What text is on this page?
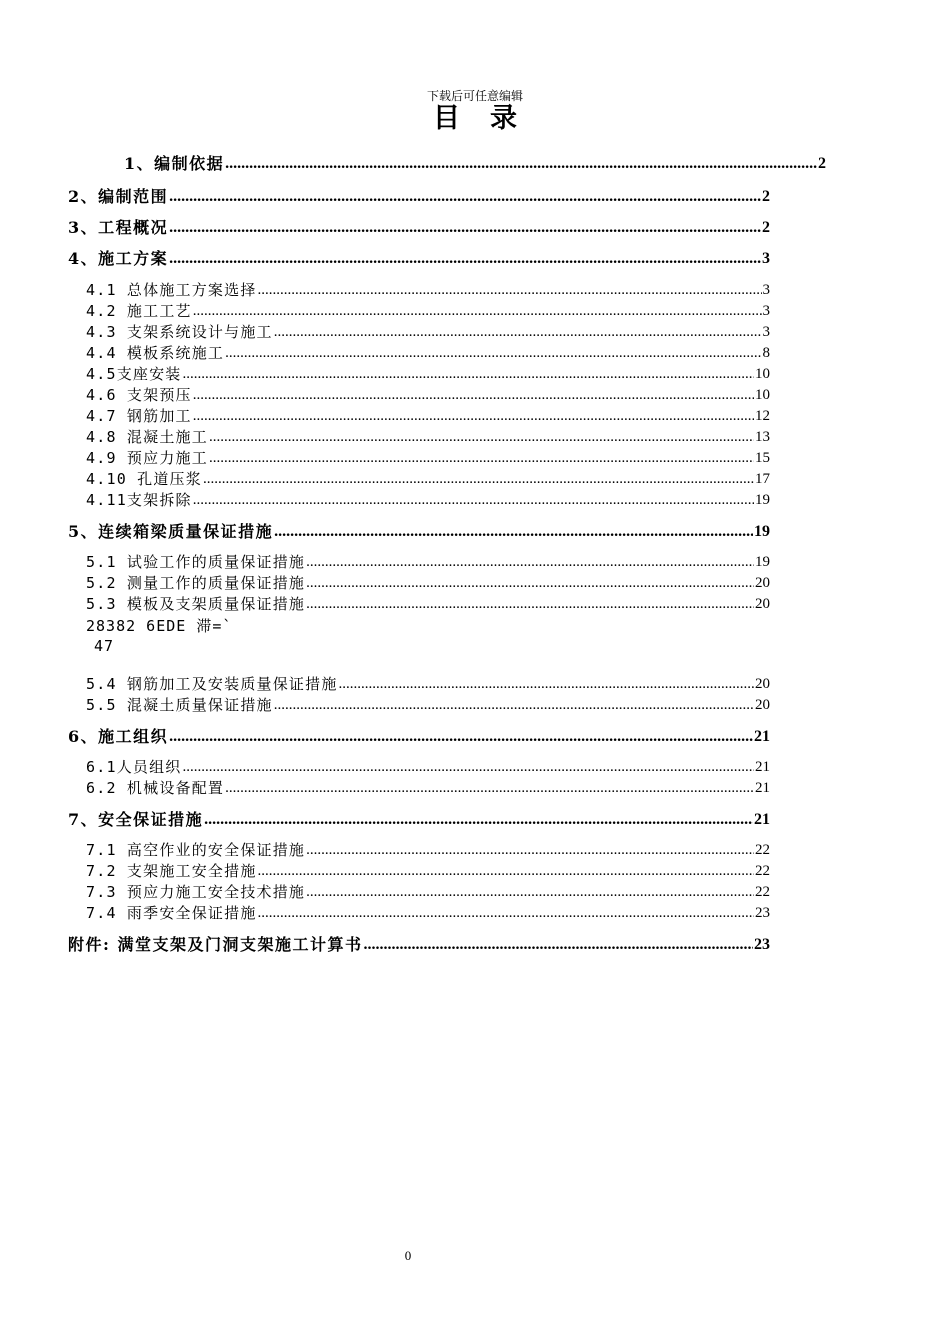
下载后可任意编辑
目录
1、编制依据 .....	2
2、编制范围 .....	2
3、工程概况 .....	2
4、施工方案 .....	3
4.1 总体施工方案选择 .....	3
4.2 施工工艺 .....	3
4.3 支架系统设计与施工 .....	3
4.4 模板系统施工 .....	8
4.5支座安装 .....	10
4.6 支架预压 .....	10
4.7 钢筋加工 .....	12
4.8 混凝土施工 .....	13
4.9 预应力施工 .....	15
4.10 孔道压浆 .....	17
4.11支架拆除 .....	19
5、连续箱梁质量保证措施 .....	19
5.1 试验工作的质量保证措施 .....	19
5.2 测量工作的质量保证措施 .....	20
5.3 模板及支架质量保证措施 .....	20
28382 6EDE 滞=`
47
5.4 钢筋加工及安装质量保证措施 .....	20
5.5 混凝土质量保证措施 .....	20
6、施工组织 .....	21
6.1人员组织 .....	21
6.2 机械设备配置 .....	21
7、安全保证措施 .....	21
7.1 高空作业的安全保证措施 .....	22
7.2 支架施工安全措施 .....	22
7.3 预应力施工安全技术措施 .....	22
7.4 雨季安全保证措施 .....	23
附件: 满堂支架及门洞支架施工计算书 .....	23
0
